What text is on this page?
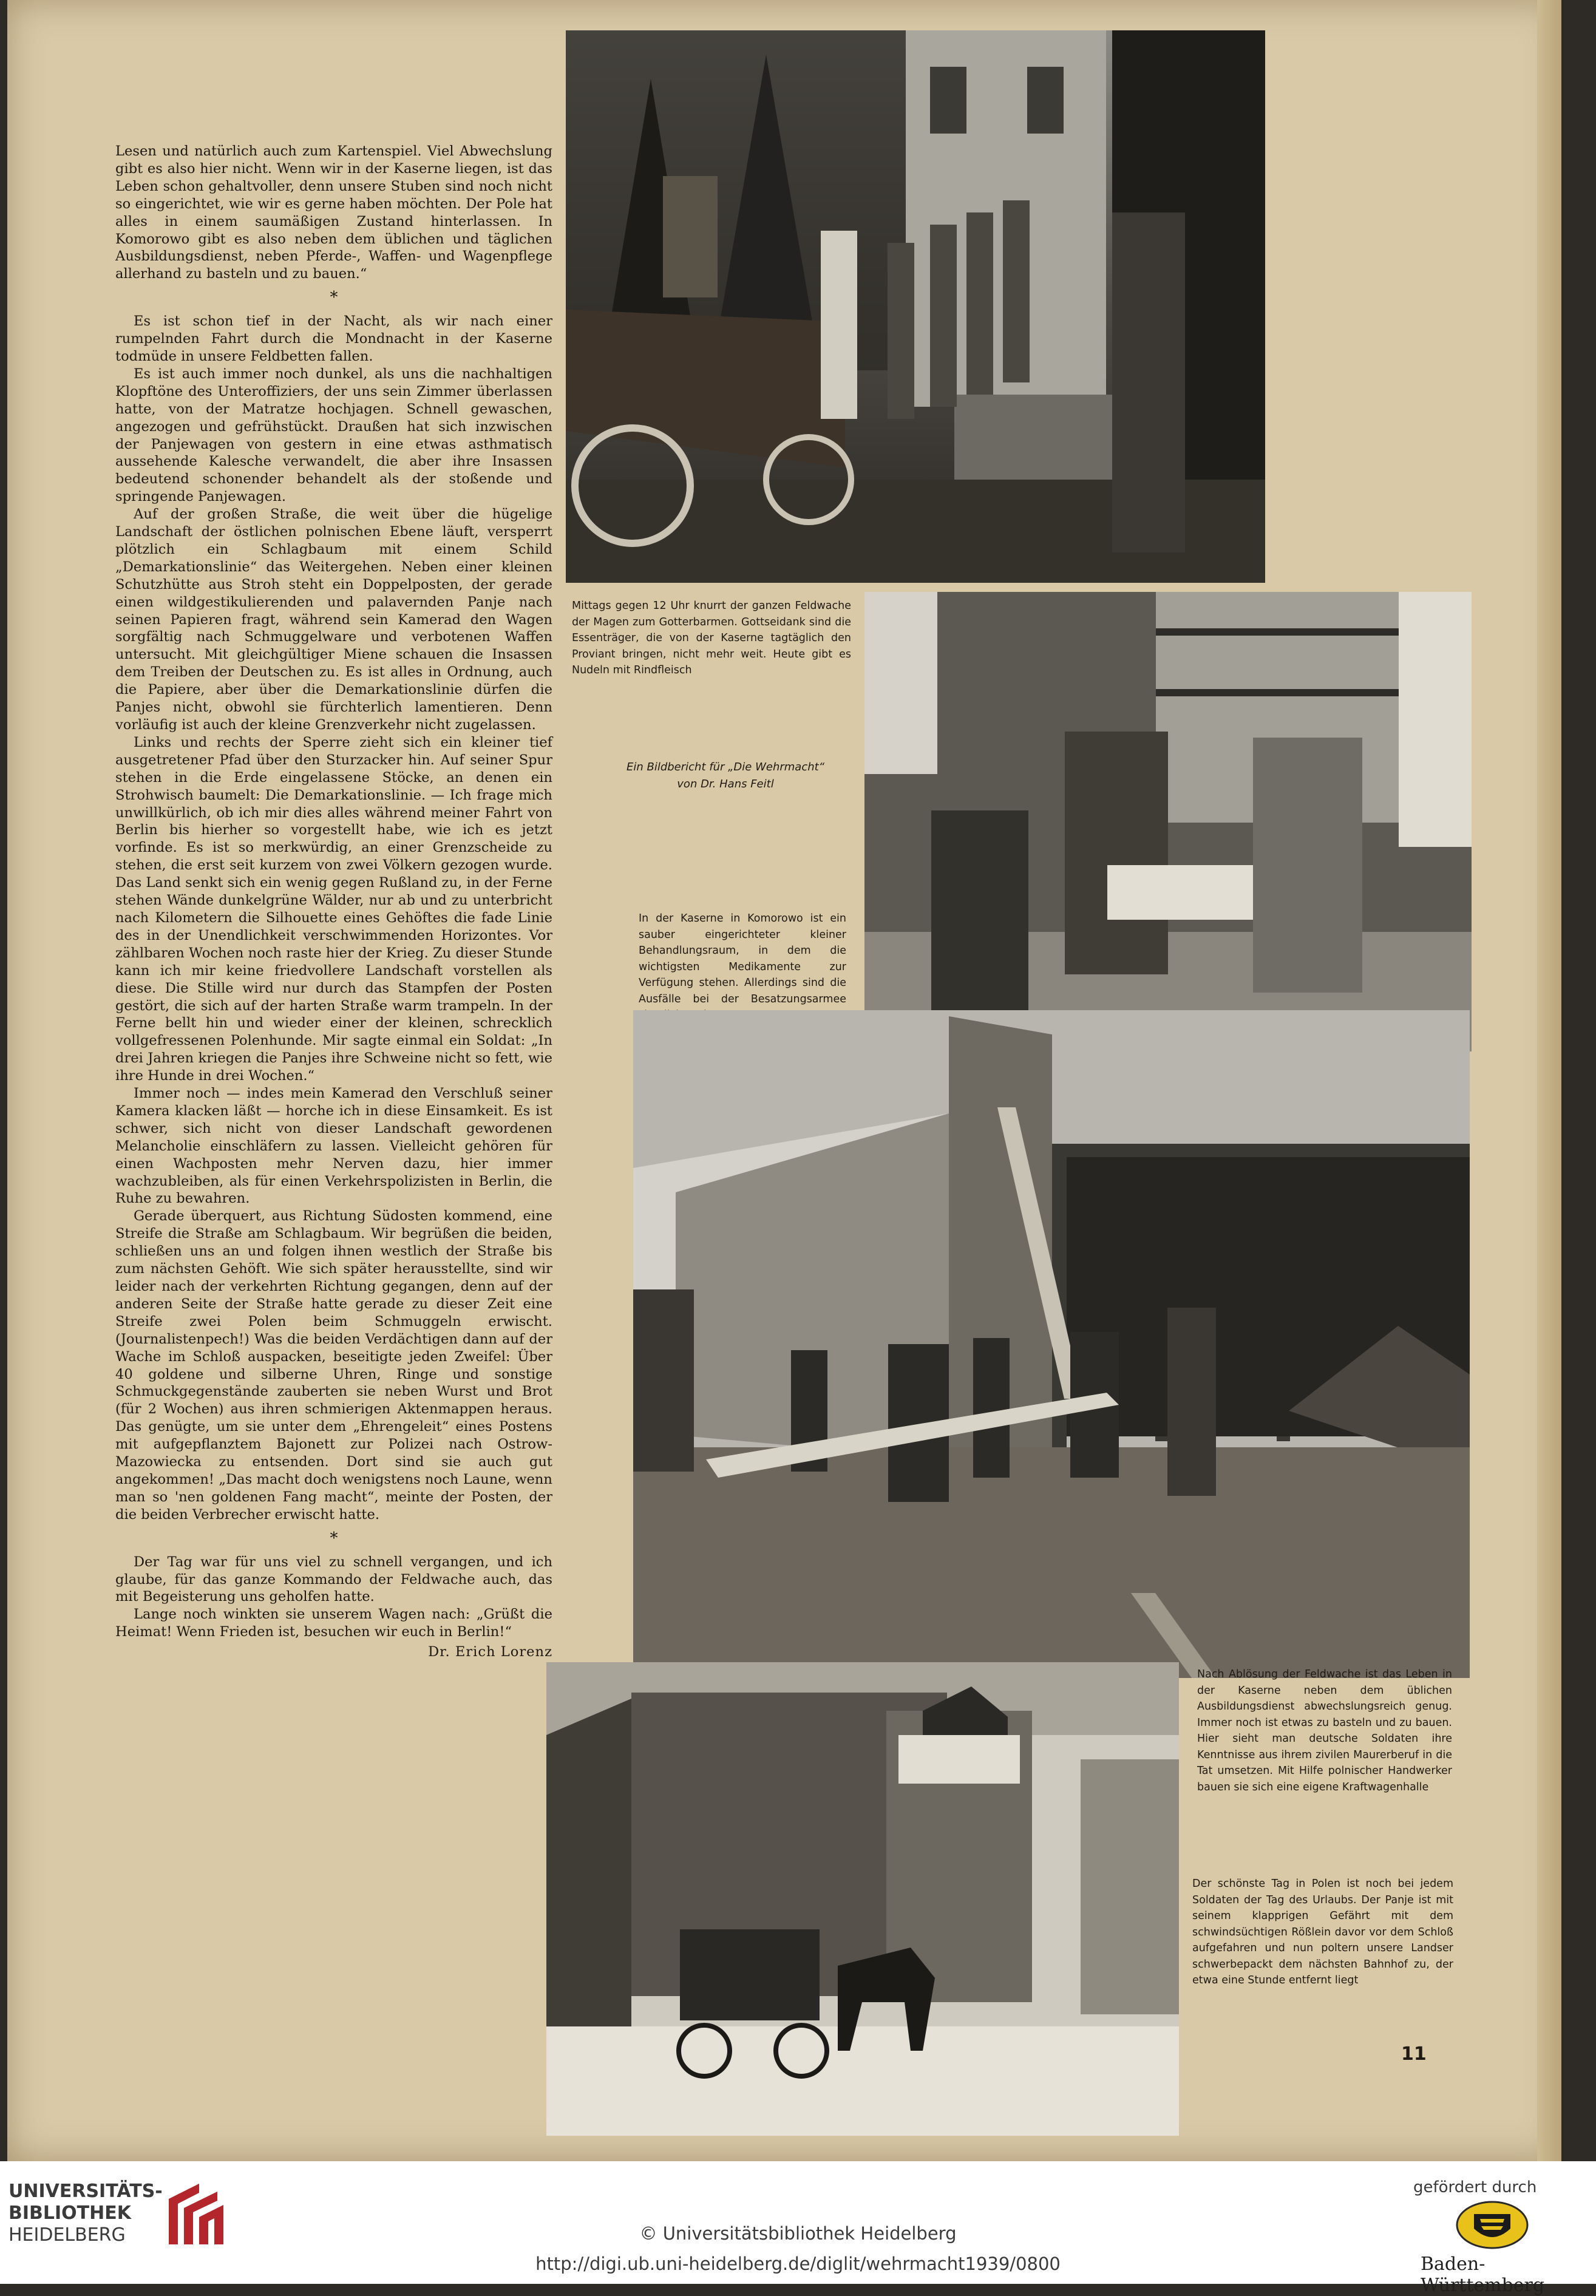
Lesen und natürlich auch zum Kartenspiel. Viel Abwechslung gibt es also hier nicht. Wenn wir in der Kaserne liegen, ist das Leben schon gehaltvoller, denn unsere Stuben sind noch nicht so eingerichtet, wie wir es gerne haben möchten. Der Pole hat alles in einem saumäßigen Zustand hinterlassen. In Komorowo gibt es also neben dem üblichen und täglichen Ausbildungsdienst, neben Pferde-, Waffen- und Wagenpflege allerhand zu basteln und zu bauen.“

*

Es ist schon tief in der Nacht, als wir nach einer rumpelnden Fahrt durch die Mondnacht in der Kaserne todmüde in unsere Feldbetten fallen.

Es ist auch immer noch dunkel, als uns die nachhaltigen Klopftöne des Unteroffiziers, der uns sein Zimmer überlassen hatte, von der Matratze hochjagen. Schnell gewaschen, angezogen und gefrühstückt. Draußen hat sich inzwischen der Panjewagen von gestern in eine etwas asthmatisch aussehende Kalesche verwandelt, die aber ihre Insassen bedeutend schonender behandelt als der stoßende und springende Panjewagen.

Auf der großen Straße, die weit über die hügelige Landschaft der östlichen polnischen Ebene läuft, versperrt plötzlich ein Schlagbaum mit einem Schild „Demarkationslinie“ das Weitergehen. Neben einer kleinen Schutzhütte aus Stroh steht ein Doppelposten, der gerade einen wildgestikulierenden und palavernden Panje nach seinen Papieren fragt, während sein Kamerad den Wagen sorgfältig nach Schmuggelware und verbotenen Waffen untersucht. Mit gleichgültiger Miene schauen die Insassen dem Treiben der Deutschen zu. Es ist alles in Ordnung, auch die Papiere, aber über die Demarkationslinie dürfen die Panjes nicht, obwohl sie fürchterlich lamentieren. Denn vorläufig ist auch der kleine Grenzverkehr nicht zugelassen.

Links und rechts der Sperre zieht sich ein kleiner tief ausgetretener Pfad über den Sturzacker hin. Auf seiner Spur stehen in die Erde eingelassene Stöcke, an denen ein Strohwisch baumelt: Die Demarkationslinie. — Ich frage mich unwillkürlich, ob ich mir dies alles während meiner Fahrt von Berlin bis hierher so vorgestellt habe, wie ich es jetzt vorfinde. Es ist so merkwürdig, an einer Grenzscheide zu stehen, die erst seit kurzem von zwei Völkern gezogen wurde. Das Land senkt sich ein wenig gegen Rußland zu, in der Ferne stehen Wände dunkelgrüne Wälder, nur ab und zu unterbricht nach Kilometern die Silhouette eines Gehöftes die fade Linie des in der Unendlichkeit verschwimmenden Horizontes. Vor zählbaren Wochen noch raste hier der Krieg. Zu dieser Stunde kann ich mir keine friedvollere Landschaft vorstellen als diese. Die Stille wird nur durch das Stampfen der Posten gestört, die sich auf der harten Straße warm trampeln. In der Ferne bellt hin und wieder einer der kleinen, schrecklich vollgefressenen Polenhunde. Mir sagte einmal ein Soldat: „In drei Jahren kriegen die Panjes ihre Schweine nicht so fett, wie ihre Hunde in drei Wochen.“

Immer noch — indes mein Kamerad den Verschluß seiner Kamera klacken läßt — horche ich in diese Einsamkeit. Es ist schwer, sich nicht von dieser Landschaft gewordenen Melancholie einschläfern zu lassen. Vielleicht gehören für einen Wachposten mehr Nerven dazu, hier immer wachzubleiben, als für einen Verkehrspolizisten in Berlin, die Ruhe zu bewahren.

Gerade überquert, aus Richtung Südosten kommend, eine Streife die Straße am Schlagbaum. Wir begrüßen die beiden, schließen uns an und folgen ihnen westlich der Straße bis zum nächsten Gehöft. Wie sich später herausstellte, sind wir leider nach der verkehrten Richtung gegangen, denn auf der anderen Seite der Straße hatte gerade zu dieser Zeit eine Streife zwei Polen beim Schmuggeln erwischt. (Journalistenpech!) Was die beiden Verdächtigen dann auf der Wache im Schloß auspacken, beseitigte jeden Zweifel: Über 40 goldene und silberne Uhren, Ringe und sonstige Schmuckgegenstände zauberten sie neben Wurst und Brot (für 2 Wochen) aus ihren schmierigen Aktenmappen heraus. Das genügte, um sie unter dem „Ehrengeleit“ eines Postens mit aufgepflanztem Bajonett zur Polizei nach Ostrow-Mazowiecka zu entsenden. Dort sind sie auch gut angekommen! „Das macht doch wenigstens noch Laune, wenn man so 'nen goldenen Fang macht“, meinte der Posten, der die beiden Verbrecher erwischt hatte.

*

Der Tag war für uns viel zu schnell vergangen, und ich glaube, für das ganze Kommando der Feldwache auch, das mit Begeisterung uns geholfen hatte.

Lange noch winkten sie unserem Wagen nach: „Grüßt die Heimat! Wenn Frieden ist, besuchen wir euch in Berlin!“

Dr. Erich Lorenz

Mittags gegen 12 Uhr knurrt der ganzen Feldwache der Magen zum Gotterbarmen. Gottseidank sind die Essenträger, die von der Kaserne tagtäglich den Proviant bringen, nicht mehr weit. Heute gibt es Nudeln mit Rindfleisch
Ein Bildbericht für „Die Wehrmacht“
von Dr. Hans Feitl
In der Kaserne in Komorowo ist ein sauber eingerichteter kleiner Behandlungsraum, in dem die wichtigsten Medikamente zur Verfügung stehen. Allerdings sind die Ausfälle bei der Besatzungsarmee
Nach Ablösung der Feldwache ist das Leben in der Kaserne neben dem üblichen Ausbildungsdienst abwechslungsreich genug. Immer noch ist etwas zu basteln und zu bauen. Hier sieht man deutsche Soldaten ihre Kenntnisse aus ihrem zivilen Maurerberuf in die Tat umsetzen. Mit Hilfe polnischer Handwerker bauen sie sich eine eigene Kraftwagenhalle
Der schönste Tag in Polen ist noch bei jedem Soldaten der Tag des Urlaubs. Der Panje ist mit seinem klapprigen Gefährt mit dem schwindsüchtigen Rößlein davor vor dem Schloß aufgefahren und nun poltern unsere Landser schwerbepackt dem nächsten Bahnhof zu, der etwa eine Stunde entfernt liegt
11
UNIVERSITÄTS-
BIBLIOTHEK
HEIDELBERG	© Universitätsbibliothek Heidelberg
http://digi.ub.uni-heidelberg.de/diglit/wehrmacht1939/0800
gefördert durch
Baden-Württemberg
